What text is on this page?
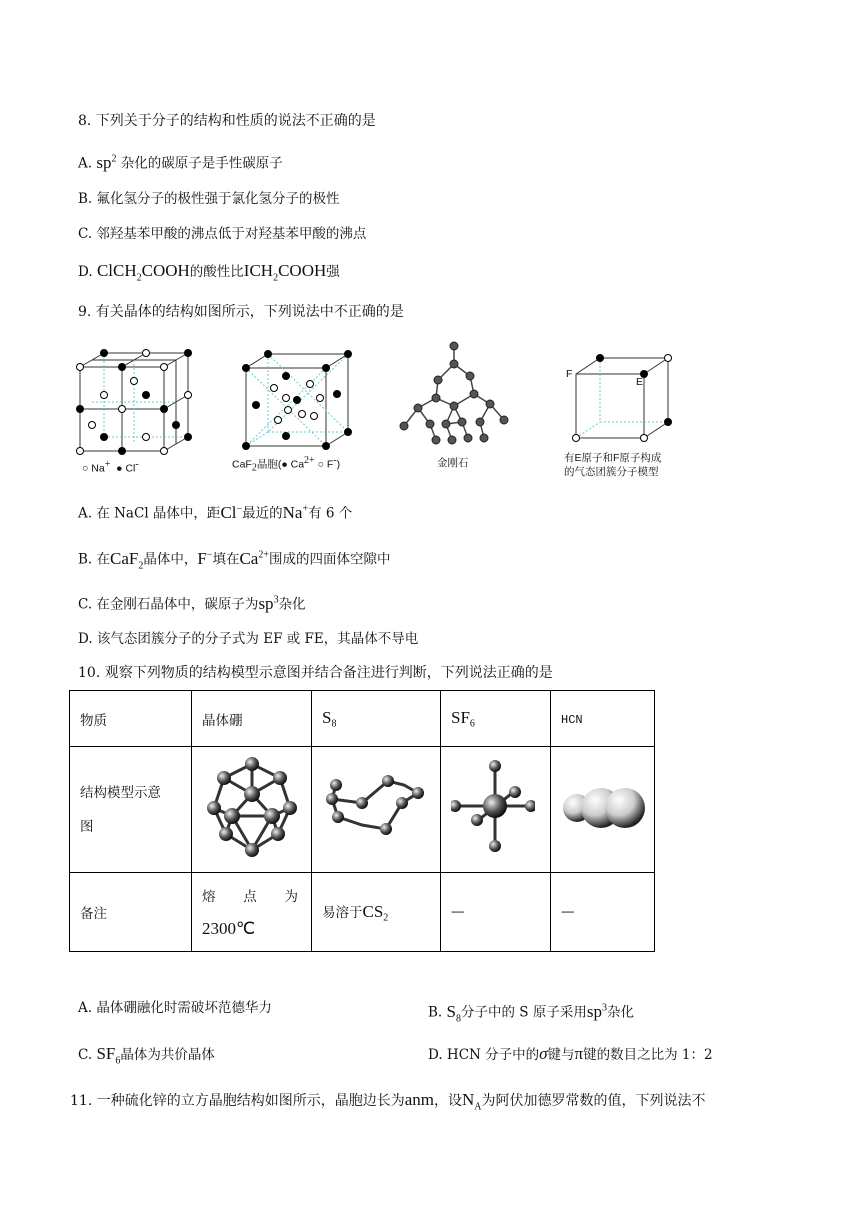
8. 下列关于分子的结构和性质的说法不正确的是
A. $sp^2$ 杂化的碳原子是手性碳原子
B. 氟化氢分子的极性强于氯化氢分子的极性
C. 邻羟基苯甲酸的沸点低于对羟基苯甲酸的沸点
D. ClCH$_2$COOH的酸性比$ICH_2COOH$强
9. 有关晶体的结构如图所示，下列说法中不正确的是
○ Na+  ● Cl-	CaF$_2$晶胞(● $Ca^{2+}$ ○ F-)	金刚石
F
E
有E原子和F原子构成
的气态团簇分子模型
A. 在 NaCl 晶体中，距Cl−最近的Na+有 6 个
B. 在CaF$_2$晶体中，F−填在$Ca^{2+}$围成的四面体空隙中
C. 在金刚石晶体中，碳原子为$sp^3$杂化
D. 该气态团簇分子的分子式为 EF 或 FE，其晶体不导电
10. 观察下列物质的结构模型示意图并结合备注进行判断，下列说法正确的是
物质	晶体硼	$S_8$	$SF_6$	HCN

结构模型示意
图

备注	熔 点 为
2300℃	易溶于$CS_2$	—	—
A. 晶体硼融化时需破坏范德华力	B. $S_8$分子中的 S 原子采用$sp^3$杂化
C. $SF_6$晶体为共价晶体	D. HCN 分子中的σ键与π键的数目之比为 1：2
11. 一种硫化锌的立方晶胞结构如图所示，晶胞边长为anm，设$N_A$为阿伏加德罗常数的值，下列说法不
